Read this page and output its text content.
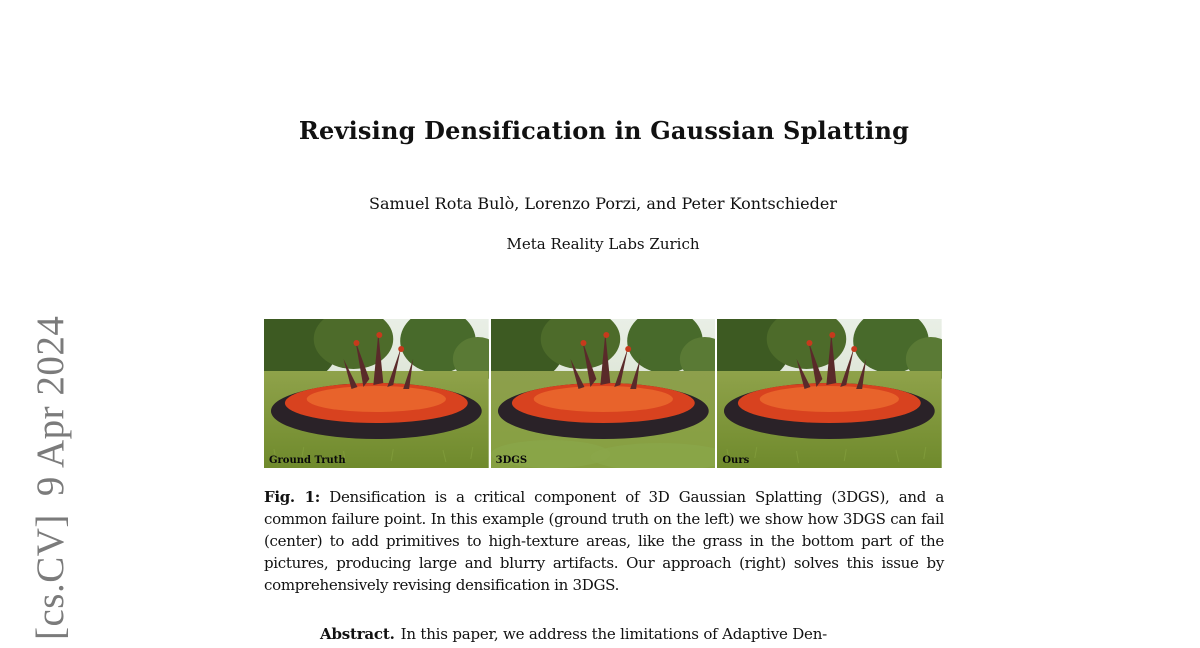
[cs.CV]9 Apr 2024
Revising Densification in Gaussian Splatting
Samuel Rota Bulò, Lorenzo Porzi, and Peter Kontschieder
Meta Reality Labs Zurich
Ground Truth	3DGS	Ours
Fig. 1: Densification is a critical component of 3D Gaussian Splatting (3DGS), and a common failure point. In this example (ground truth on the left) we show how 3DGS can fail (center) to add primitives to high-texture areas, like the grass in the bottom part of the pictures, producing large and blurry artifacts. Our approach (right) solves this issue by comprehensively revising densification in 3DGS.
Abstract. In this paper, we address the limitations of Adaptive Den-
